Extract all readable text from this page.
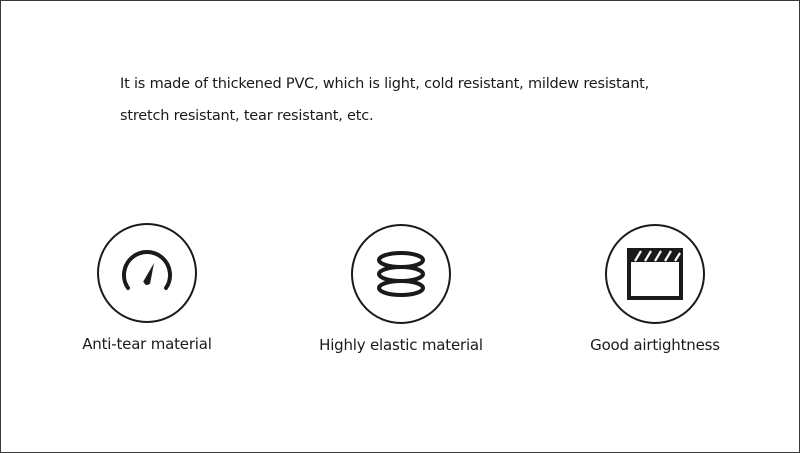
It is made of thickened PVC, which is light, cold resistant, mildew resistant,
stretch resistant, tear resistant, etc.

Anti-tear material	Highly elastic material	Good airtightness
